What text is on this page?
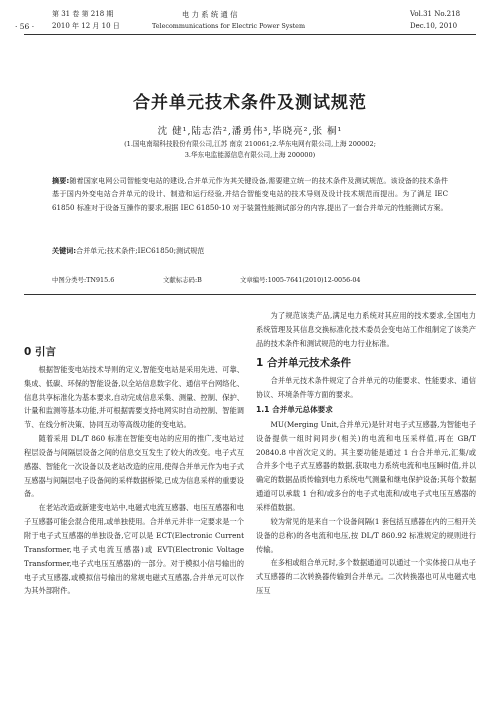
第 31 卷 第 218 期
· 56 ·	2010 年 12 月 10 日
电 力 系 统 通 信
Telecommunications for Electric Power System
Vol.31 No.218
Dec.10, 2010
合并单元技术条件及测试规范
沈 健¹,陆志浩²,潘勇伟³,毕晓亮²,张 桐¹
(1.国电南瑞科技股份有限公司,江苏 南京 210061;2.华东电网有限公司,上海 200002;
3.华东电监能源信息有限公司,上海 200000)
摘要:随着国家电网公司智能变电站的建设,合并单元作为其关键设备,需要建立统一的技术条件及测试规范。该设备的技术条件基于国内外变电站合并单元的设计、制造和运行经验,并结合智能变电站的技术导则及设计技术规范而提出。为了满足 IEC 61850 标准对于设备互操作的要求,根据 IEC 61850-10 对于装置性能测试部分的内容,提出了一套合并单元的性能测试方案。
关键词:合并单元;技术条件;IEC61850;测试规范
中图分类号:TN915.6	文献标志码:B	文章编号:1005-7641(2010)12-0056-04
0 引言

根据智能变电站技术导则的定义,智能变电站是采用先进、可靠、集成、低碳、环保的智能设备,以全站信息数字化、通信平台网络化、信息共享标准化为基本要求,自动完成信息采集、测量、控制、保护、计量和监测等基本功能,并可根据需要支持电网实时自动控制、智能调节、在线分析决策、协同互动等高级功能的变电站。

随着采用 DL/T 860 标准在智能变电站的应用的推广,变电站过程层设备与间隔层设备之间的信息交互发生了较大的改变。电子式互感器、智能化一次设备以及老站改造的应用,使得合并单元作为电子式互感器与间隔层电子设备间的采样数据桥梁,已成为信息采样的重要设备。

在老站改造或新建变电站中,电磁式电流互感器、电压互感器和电子互感器可能会混合使用,或单独使用。合并单元并非一定要求是一个附于电子式互感器的单独设备,它可以是 ECT(Electronic Current Transformer,电子式电流互感器)或 EVT(Electronic Voltage Transformer,电子式电压互感器)的一部分。对于模拟小信号输出的电子式互感器,或模拟信号输出的常规电磁式互感器,合并单元可以作为其外部附件。

为了规范该类产品,满足电力系统对其应用的技术要求,全国电力系统管理及其信息交换标准化技术委员会变电站工作组制定了该类产品的技术条件和测试规范的电力行业标准。

1 合并单元技术条件

合并单元技术条件规定了合并单元的功能要求、性能要求、通信协议、环境条件等方面的要求。

1.1 合并单元总体要求

MU(Merging Unit,合并单元)是针对电子式互感器,为智能电子设备提供一组时间同步(相关)的电流和电压采样值,再在 GB/T 20840.8 中首次定义的。其主要功能是通过 1 台合并单元,汇集/或合并多个电子式互感器的数据,获取电力系统电流和电压瞬时值,并以确定的数据品质传输到电力系统电气测量和继电保护设备;其每个数据通道可以承载 1 台和/或多台的电子式电流和/或电子式电压互感器的采样值数据。

较为常见的是来自一个设备间隔(1 套包括互感器在内的三相开关设备的总称)的各电流和电压,按 DL/T 860.92 标准规定的规则进行传输。

在多相或组合单元时,多个数据通道可以通过一个实体接口从电子式互感器的二次转换器传输到合并单元。二次转换器也可从电磁式电压互
